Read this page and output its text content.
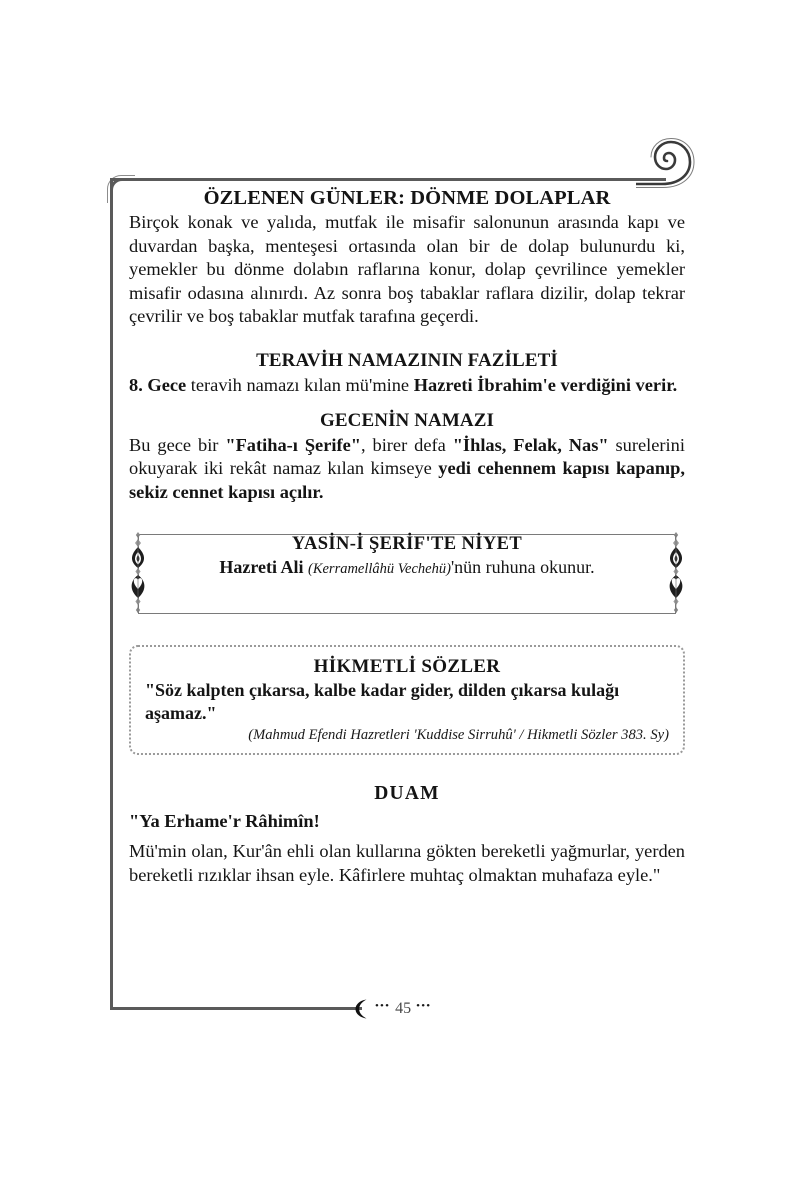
ÖZLENEN GÜNLER: DÖNME DOLAPLAR

Birçok konak ve yalıda, mutfak ile misafir salonunun arasında kapı ve duvardan başka, menteşesi ortasında olan bir de dolap bulunurdu ki, yemekler bu dönme dolabın raflarına konur, dolap çevrilince yemekler misafir odasına alınırdı. Az sonra boş tabaklar raflara dizilir, dolap tekrar çevrilir ve boş tabaklar mutfak tarafına geçerdi.

TERAVİH NAMAZININ FAZİLETİ

8. Gece teravih namazı kılan mü'mine Hazreti İbrahim'e verdiğini verir.

GECENİN NAMAZI

Bu gece bir "Fatiha-ı Şerife", birer defa "İhlas, Felak, Nas" surelerini okuyarak iki rekât namaz kılan kimseye yedi cehennem kapısı kapanıp, sekiz cennet kapısı açılır.

YASİN-İ ŞERİF'TE NİYET
Hazreti Ali (Kerramellâhü Vechehü)'nün ruhuna okunur.
HİKMETLİ SÖZLER

"Söz kalpten çıkarsa, kalbe kadar gider, dilden çıkarsa kulağı aşamaz."

(Mahmud Efendi Hazretleri 'Kuddise Sirruhû' / Hikmetli Sözler 383. Sy)

DUAM

"Ya Erhame'r Râhimîn!

Mü'min olan, Kur'ân ehli olan kullarına gökten bereketli yağmurlar, yerden bereketli rızıklar ihsan eyle. Kâfirlere muhtaç olmaktan muhafaza eyle."

••• 45 •••
